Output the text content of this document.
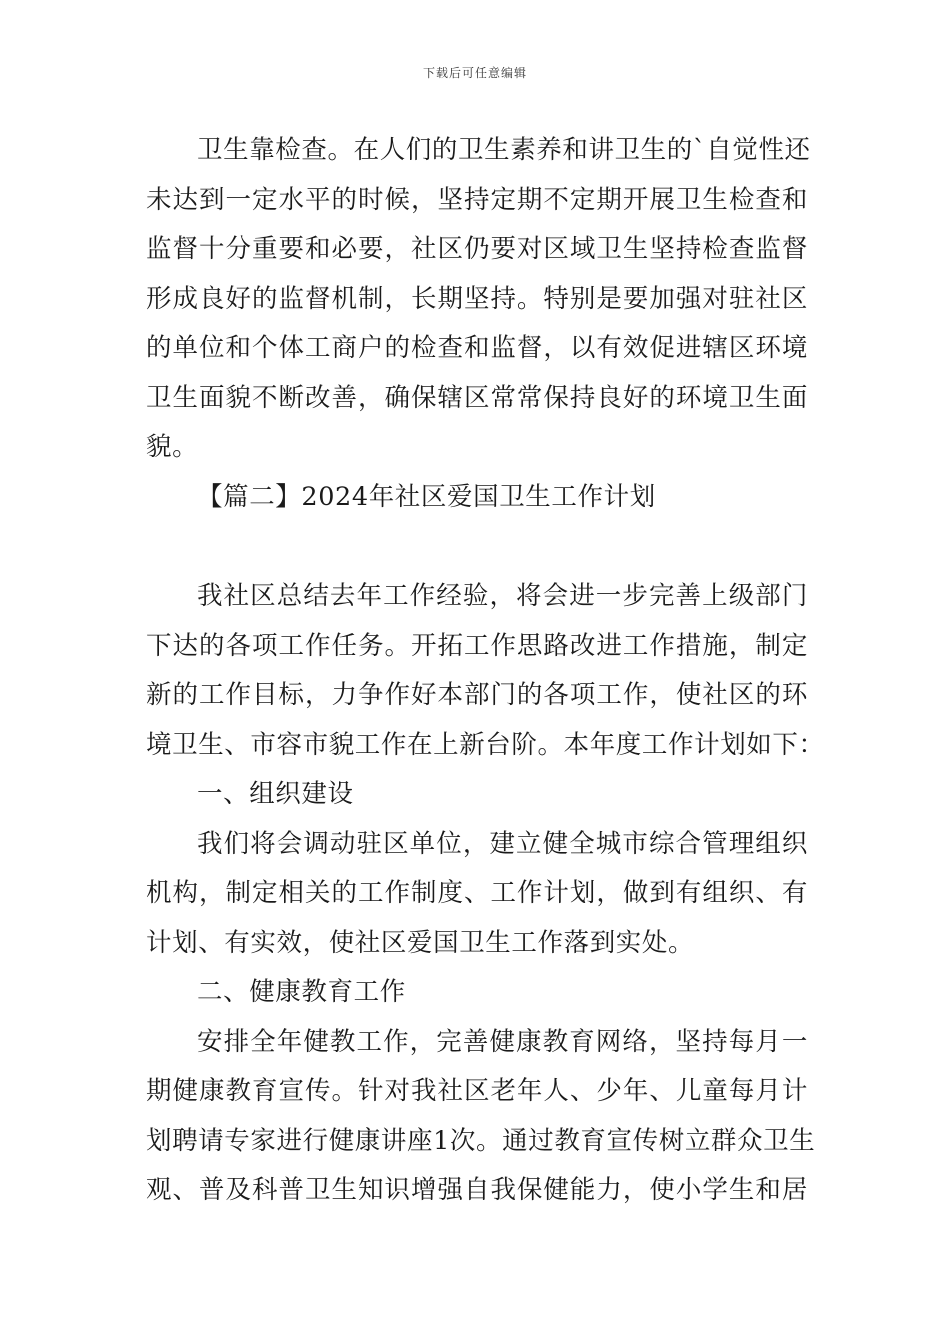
下载后可任意编辑
卫生靠检查。在人们的卫生素养和讲卫生的`自觉性还
未达到一定水平的时候，坚持定期不定期开展卫生检查和
监督十分重要和必要，社区仍要对区域卫生坚持检查监督
形成良好的监督机制，长期坚持。特别是要加强对驻社区
的单位和个体工商户的检查和监督，以有效促进辖区环境
卫生面貌不断改善，确保辖区常常保持良好的环境卫生面
貌。
【篇二】2024年社区爱国卫生工作计划
我社区总结去年工作经验，将会进一步完善上级部门
下达的各项工作任务。开拓工作思路改进工作措施，制定
新的工作目标，力争作好本部门的各项工作，使社区的环
境卫生、市容市貌工作在上新台阶。本年度工作计划如下：
一、组织建设
我们将会调动驻区单位，建立健全城市综合管理组织
机构，制定相关的工作制度、工作计划，做到有组织、有
计划、有实效，使社区爱国卫生工作落到实处。
二、健康教育工作
安排全年健教工作，完善健康教育网络，坚持每月一
期健康教育宣传。针对我社区老年人、少年、儿童每月计
划聘请专家进行健康讲座1次。通过教育宣传树立群众卫生
观、普及科普卫生知识增强自我保健能力，使小学生和居
